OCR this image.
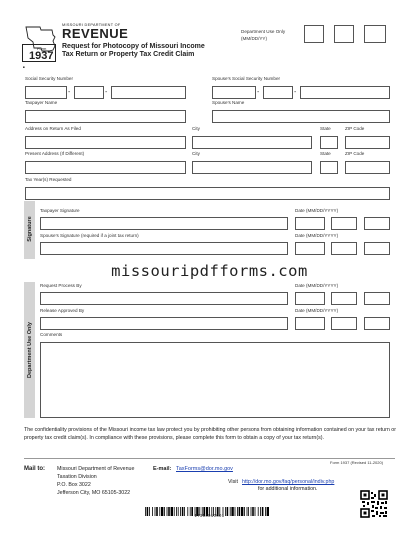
MISSOURI DEPARTMENT OF
REVENUE
Form
1937
Request for Photocopy of Missouri Income
Tax Return or Property Tax Credit Claim
■
Department Use Only
(MM/DD/YY)
Social Security Number
-	-
Spouse's Social Security Number
-	-
Taxpayer Name	Spouse's Name
Address on Return As Filed	City	State	ZIP Code
Present Address (If Different)	City	State	ZIP Code
Tax Year(s) Requested
Signature
Taxpayer Signature	Date (MM/DD/YYYY)
Spouse's Signature (required if a joint tax return)	Date (MM/DD/YYYY)
missouripdfforms.com
Department Use Only
Request Process By	Date (MM/DD/YYYY)
Release Approved By	Date (MM/DD/YYYY)
Comments
The confidentiality provisions of the Missouri income tax law protect you by prohibiting other persons from obtaining information contained on your tax return or property tax credit claim(s). In compliance with these provisions, please complete this form to obtain a copy of your tax return(s).
Form 1937 (Revised 11-2020)
Mail to: Missouri Department of Revenue
Taxation Division
P.O. Box 3022
Jefferson City, MO 65105-3022
E-mail: TaxForms@dor.mo.gov
Visit http://dor.mo.gov/faq/personal/indiv.php
for additional information.
17354010001
